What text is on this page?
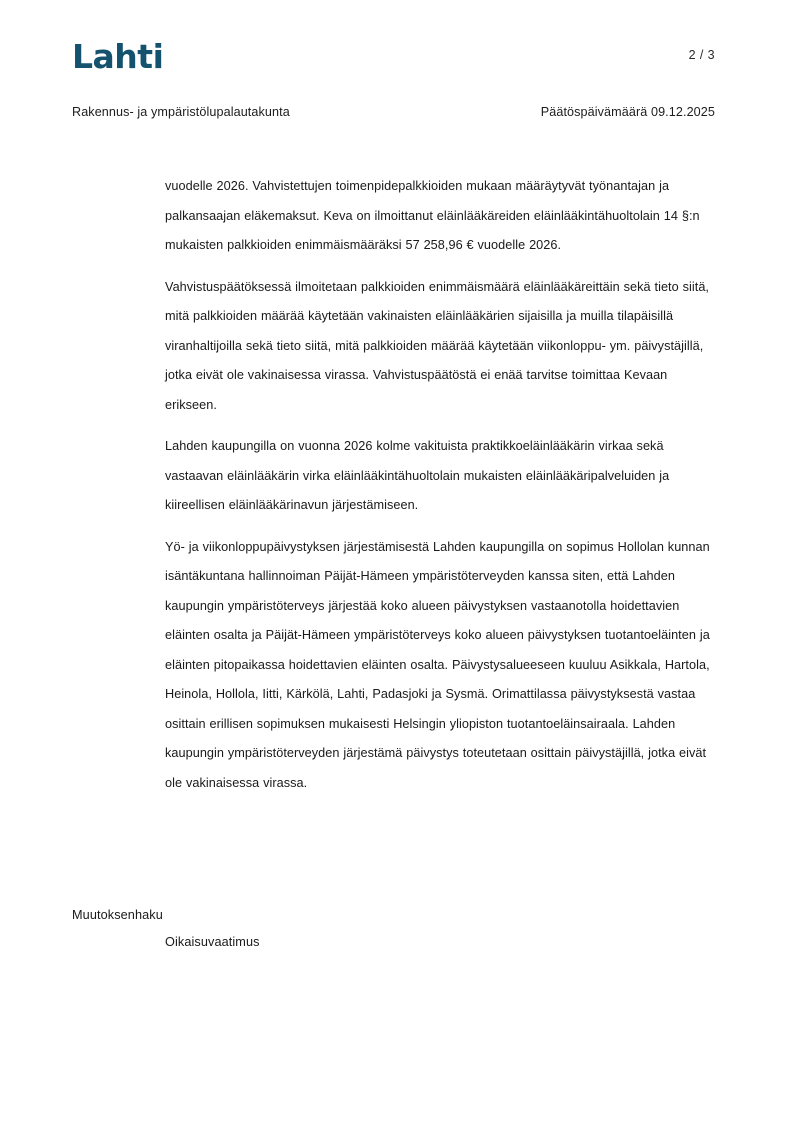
Lahti	2 / 3
Rakennus- ja ympäristölupalautakunta	Päätöspäivämäärä 09.12.2025

vuodelle 2026. Vahvistettujen toimenpidepalkkioiden mukaan määräytyvät työnantajan ja palkansaajan eläkemaksut. Keva on ilmoittanut eläinlääkäreiden eläinlääkintähuoltolain 14 §:n mukaisten palkkioiden enimmäismääräksi 57 258,96 € vuodelle 2026.

Vahvistuspäätöksessä ilmoitetaan palkkioiden enimmäismäärä eläinlääkäreittäin sekä tieto siitä, mitä palkkioiden määrää käytetään vakinaisten eläinlääkärien sijaisilla ja muilla tilapäisillä viranhaltijoilla sekä tieto siitä, mitä palkkioiden määrää käytetään viikonloppu- ym. päivystäjillä, jotka eivät ole vakinaisessa virassa. Vahvistuspäätöstä ei enää tarvitse toimittaa Kevaan erikseen.

Lahden kaupungilla on vuonna 2026 kolme vakituista praktikkoeläinlääkärin virkaa sekä vastaavan eläinlääkärin virka eläinlääkintähuoltolain mukaisten eläinlääkäripalveluiden ja kiireellisen eläinlääkärinavun järjestämiseen.

Yö- ja viikonloppupäivystyksen järjestämisestä Lahden kaupungilla on sopimus Hollolan kunnan isäntäkuntana hallinnoiman Päijät-Hämeen ympäristöterveyden kanssa siten, että Lahden kaupungin ympäristöterveys järjestää koko alueen päivystyksen vastaanotolla hoidettavien eläinten osalta ja Päijät-Hämeen ympäristöterveys koko alueen päivystyksen tuotantoeläinten ja eläinten pitopaikassa hoidettavien eläinten osalta. Päivystysalueeseen kuuluu Asikkala, Hartola, Heinola, Hollola, Iitti, Kärkölä, Lahti, Padasjoki ja Sysmä. Orimattilassa päivystyksestä vastaa osittain erillisen sopimuksen mukaisesti Helsingin yliopiston tuotantoeläinsairaala. Lahden kaupungin ympäristöterveyden järjestämä päivystys toteutetaan osittain päivystäjillä, jotka eivät ole vakinaisessa virassa.

Muutoksenhaku
Oikaisuvaatimus
